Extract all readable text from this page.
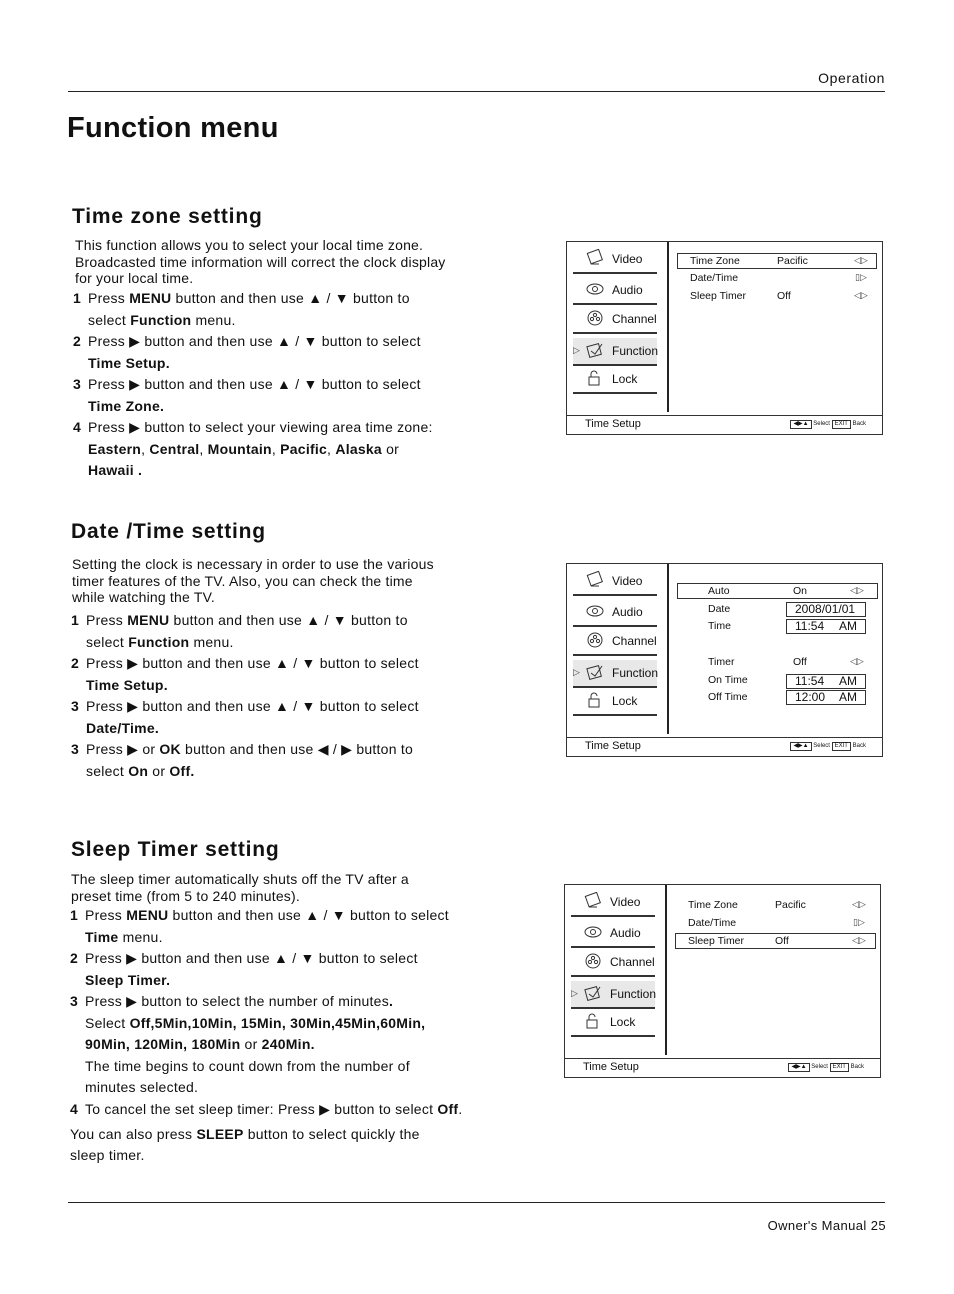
Operation
Function menu
Time zone setting
This function allows you to select your local time zone.
Broadcasted time information will correct the clock display
for your local time.
1 Press MENU button and then use ▲ / ▼ button to
select Function menu.
2 Press ▶ button and then use ▲ / ▼ button to select
Time Setup.
3 Press ▶ button and then use ▲ / ▼ button to select
Time Zone.
4 Press ▶ button to select your viewing area time zone:
Eastern, Central, Mountain, Pacific, Alaska or
Hawaii .
Date /Time setting
Setting the clock is necessary in order to use the various
timer features of the TV. Also, you can check the time
while watching the TV.
1 Press MENU button and then use ▲ / ▼ button to
select Function menu.
2 Press ▶ button and then use ▲ / ▼ button to select
Time Setup.
3 Press ▶ button and then use ▲ / ▼ button to select
Date/Time.
3 Press ▶ or OK button and then use ◀ / ▶ button to
select On or Off.
Sleep Timer setting
The sleep timer automatically shuts off the TV after a
preset time (from 5 to 240 minutes).
1 Press MENU button and then use ▲ / ▼ button to select
Time menu.
2 Press ▶ button and then use ▲ / ▼ button to select
Sleep Timer.
3 Press ▶ button to select the number of minutes.
Select Off,5Min,10Min, 15Min, 30Min,45Min,60Min,
90Min, 120Min, 180Min or 240Min.
The time begins to count down from the number of
minutes selected.
4 To cancel the set sleep timer: Press ▶ button to select Off.
You can also press SLEEP button to select quickly the
sleep timer.
Video
Audio
Channel
▷	Function
Lock
Time Zone	Pacific	◁▷
Date/Time	▯▷
Sleep Timer	Off	◁▷
Time Setup	◀▶▲ Select EXIT Back
Video
Audio
Channel
▷	Function
Lock
Auto	On	◁▷
Date	2008/01/01
Time	11:54 AM
Timer	Off	◁▷
On Time	11:54 AM
Off Time	12:00 AM
Time Setup	◀▶▲ Select EXIT Back
Video
Audio
Channel
▷	Function
Lock
Time Zone	Pacific	◁▷
Date/Time	▯▷
Sleep Timer	Off	◁▷
Time Setup	◀▶▲ Select EXIT Back
Owner's Manual 25
